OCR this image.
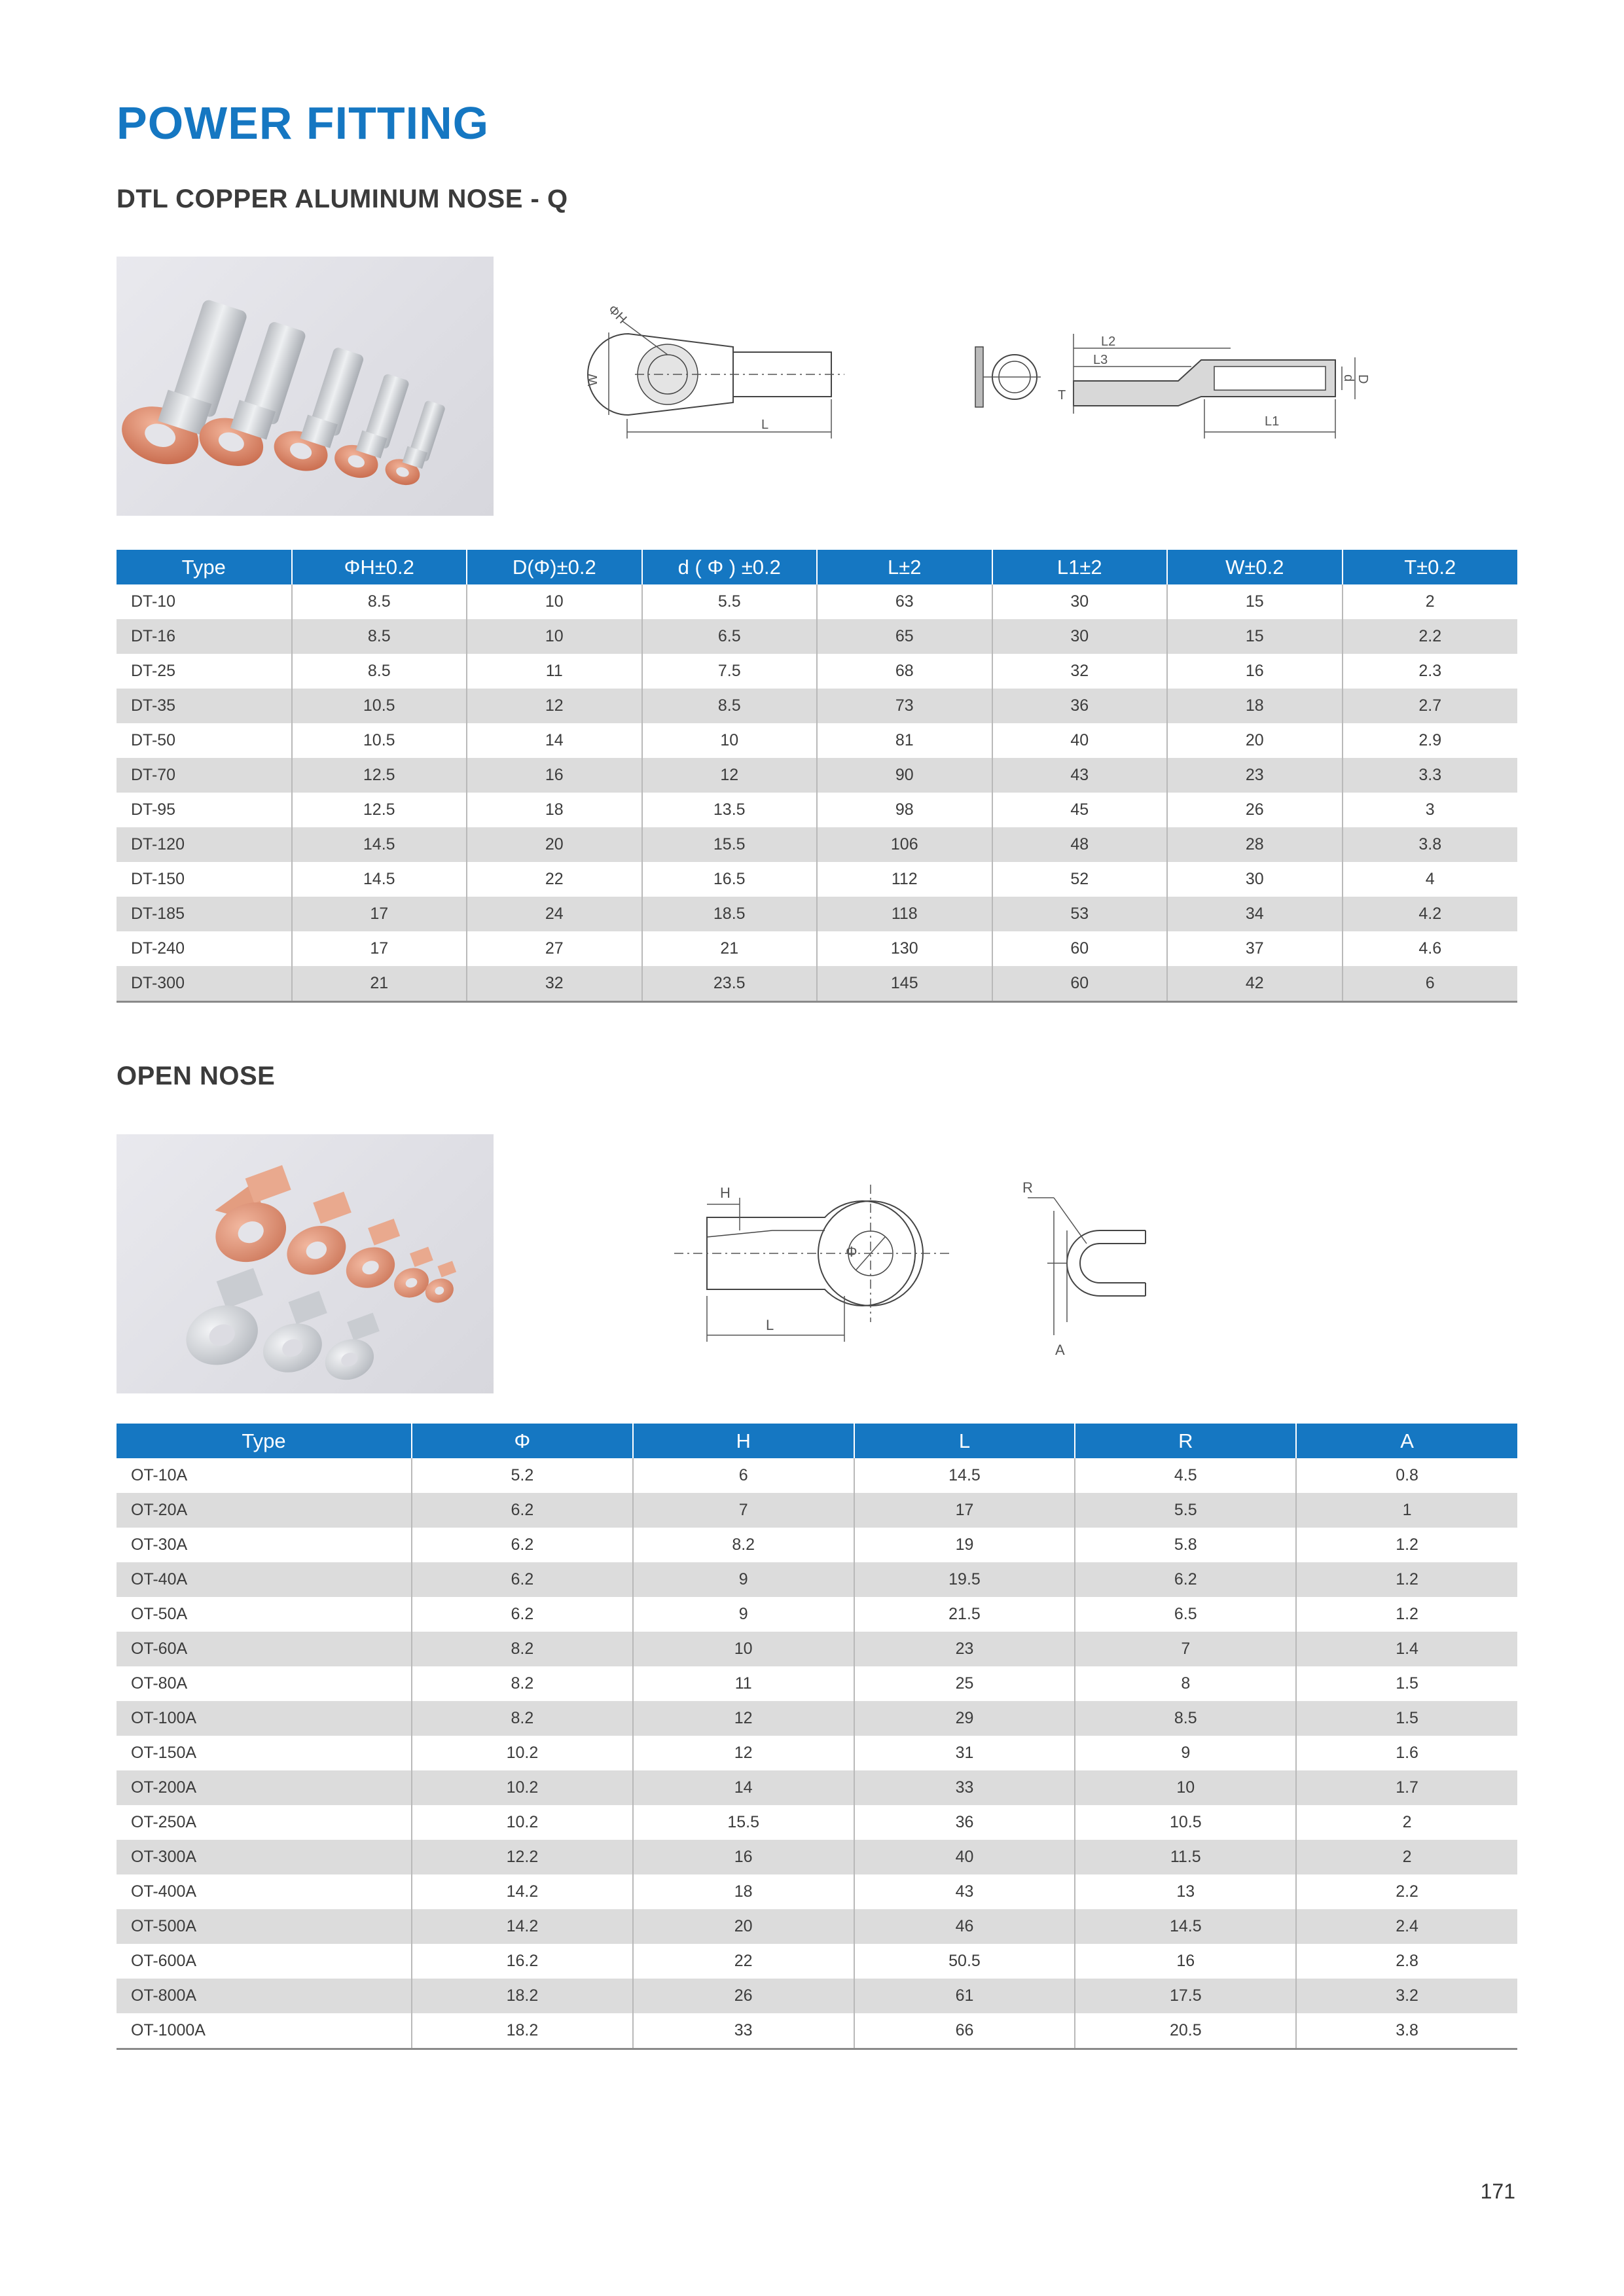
POWER FITTING
DTL COPPER ALUMINUM NOSE - Q
ΦH
W
L
L2
L3
T
L1
d D
Type	ΦH±0.2	D(Φ)±0.2	d ( Φ ) ±0.2	L±2	L1±2	W±0.2	T±0.2
DT-10	8.5	10	5.5	63	30	15	2
DT-16	8.5	10	6.5	65	30	15	2.2
DT-25	8.5	11	7.5	68	32	16	2.3
DT-35	10.5	12	8.5	73	36	18	2.7
DT-50	10.5	14	10	81	40	20	2.9
DT-70	12.5	16	12	90	43	23	3.3
DT-95	12.5	18	13.5	98	45	26	3
DT-120	14.5	20	15.5	106	48	28	3.8
DT-150	14.5	22	16.5	112	52	30	4
DT-185	17	24	18.5	118	53	34	4.2
DT-240	17	27	21	130	60	37	4.6
DT-300	21	32	23.5	145	60	42	6
OPEN NOSE
H
L
Φ
R
A
Type	Φ	H	L	R	A
OT-10A	5.2	6	14.5	4.5	0.8
OT-20A	6.2	7	17	5.5	1
OT-30A	6.2	8.2	19	5.8	1.2
OT-40A	6.2	9	19.5	6.2	1.2
OT-50A	6.2	9	21.5	6.5	1.2
OT-60A	8.2	10	23	7	1.4
OT-80A	8.2	11	25	8	1.5
OT-100A	8.2	12	29	8.5	1.5
OT-150A	10.2	12	31	9	1.6
OT-200A	10.2	14	33	10	1.7
OT-250A	10.2	15.5	36	10.5	2
OT-300A	12.2	16	40	11.5	2
OT-400A	14.2	18	43	13	2.2
OT-500A	14.2	20	46	14.5	2.4
OT-600A	16.2	22	50.5	16	2.8
OT-800A	18.2	26	61	17.5	3.2
OT-1000A	18.2	33	66	20.5	3.8
171
